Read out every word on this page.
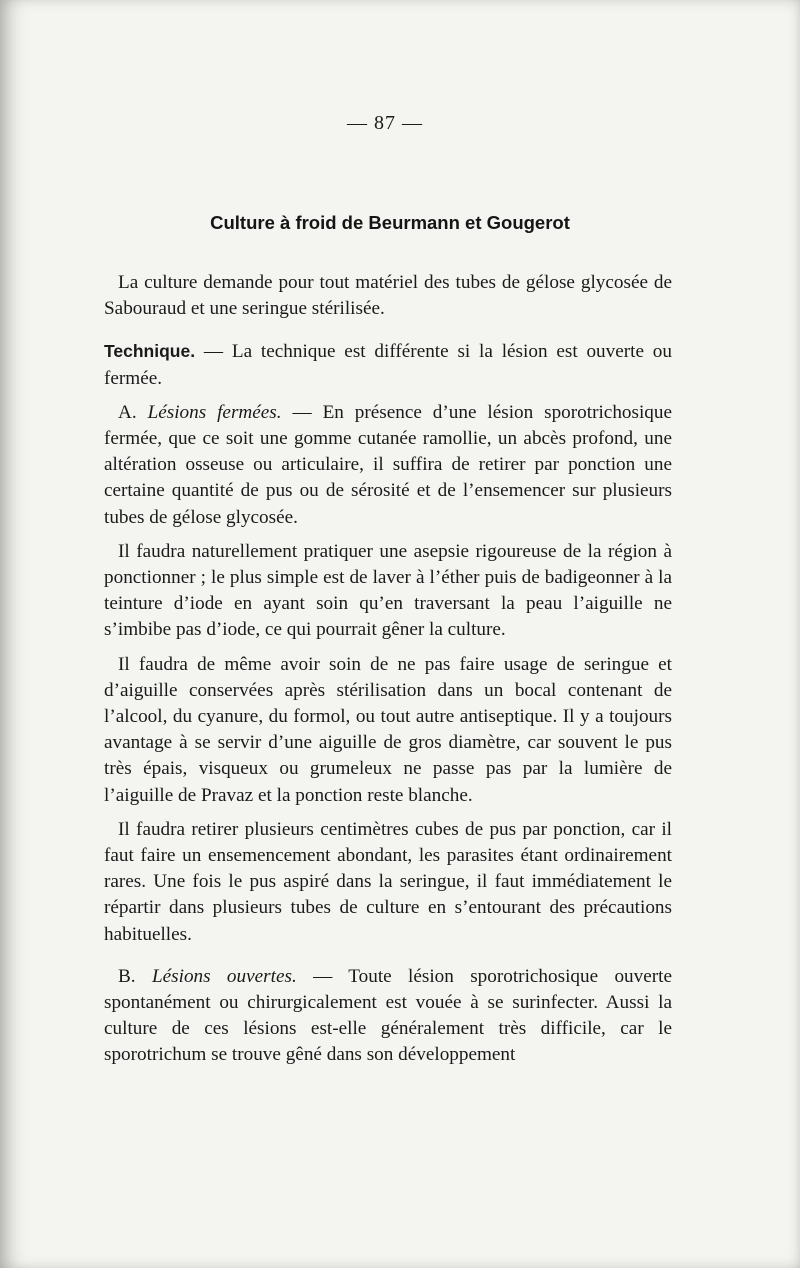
— 87 —
Culture à froid de Beurmann et Gougerot

La culture demande pour tout matériel des tubes de gélose glycosée de Sabouraud et une seringue stérilisée.

Technique. — La technique est différente si la lésion est ouverte ou fermée.

A. Lésions fermées. — En présence d’une lésion sporotrichosique fermée, que ce soit une gomme cutanée ramollie, un abcès profond, une altération osseuse ou articulaire, il suffira de retirer par ponction une certaine quantité de pus ou de sérosité et de l’ensemencer sur plusieurs tubes de gélose glycosée.

Il faudra naturellement pratiquer une asepsie rigoureuse de la région à ponctionner ; le plus simple est de laver à l’éther puis de badigeonner à la teinture d’iode en ayant soin qu’en traversant la peau l’aiguille ne s’imbibe pas d’iode, ce qui pourrait gêner la culture.

Il faudra de même avoir soin de ne pas faire usage de seringue et d’aiguille conservées après stérilisation dans un bocal contenant de l’alcool, du cyanure, du formol, ou tout autre antiseptique. Il y a toujours avantage à se servir d’une aiguille de gros diamètre, car souvent le pus très épais, visqueux ou grumeleux ne passe pas par la lumière de l’aiguille de Pravaz et la ponction reste blanche.

Il faudra retirer plusieurs centimètres cubes de pus par ponction, car il faut faire un ensemencement abondant, les parasites étant ordinairement rares. Une fois le pus aspiré dans la seringue, il faut immédiatement le répartir dans plusieurs tubes de culture en s’entourant des précautions habituelles.

B. Lésions ouvertes. — Toute lésion sporotrichosique ouverte spontanément ou chirurgicalement est vouée à se surinfecter. Aussi la culture de ces lésions est-elle généralement très difficile, car le sporotrichum se trouve gêné dans son développement
